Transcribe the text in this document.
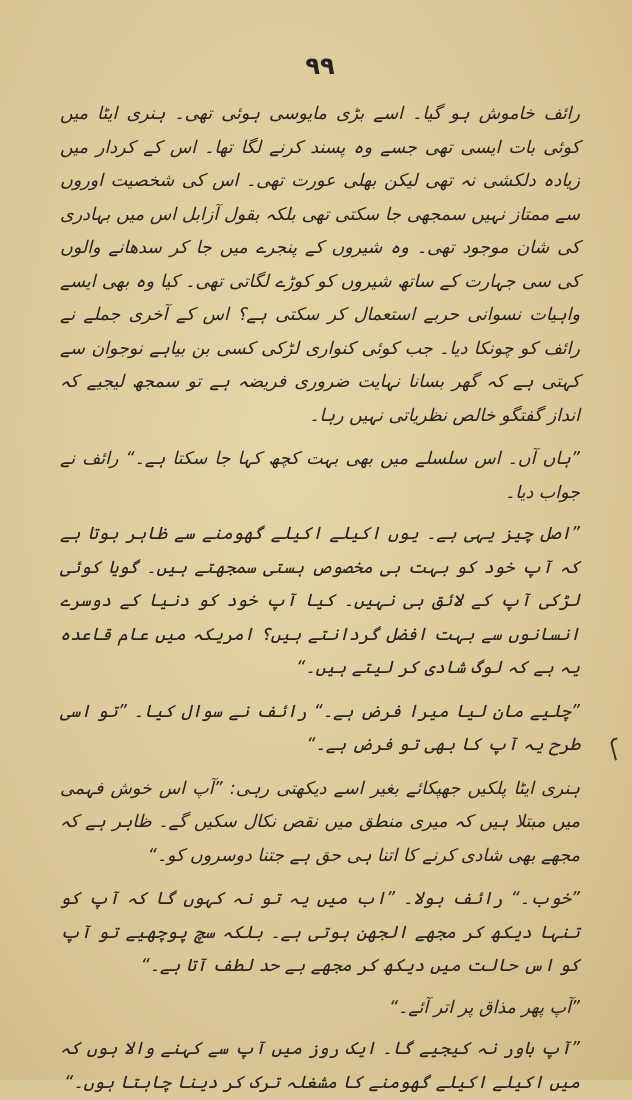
۹۹

رائف خاموش ہو گیا۔ اسے بڑی مایوسی ہوئی تھی۔ ہنری ایٹا میں کوئی بات ایسی تھی جسے وہ پسند کرنے لگا تھا۔ اس کے کردار میں زیادہ دلکشی نہ تھی لیکن بھلی عورت تھی۔ اس کی شخصیت اوروں سے ممتاز نہیں سمجھی جا سکتی تھی بلکہ بقول آزابل اس میں بہادری کی شان موجود تھی۔ وہ شیروں کے پنجرے میں جا کر سدھانے والوں کی سی جہارت کے ساتھ شیروں کو کوڑے لگاتی تھی۔ کیا وہ بھی ایسے واہیات نسوانی حربے استعمال کر سکتی ہے؟ اس کے آخری جملے نے رائف کو چونکا دیا۔ جب کوئی کنواری لڑکی کسی بن بیاہے نوجوان سے کہتی ہے کہ گھر بسانا نہایت ضروری فریضہ ہے تو سمجھ لیجیے کہ انداز گفتگو خالص نظریاتی نہیں رہا۔

”ہاں آں۔ اس سلسلے میں بھی بہت کچھ کہا جا سکتا ہے۔“ رائف نے جواب دیا۔

”اصل چیز یہی ہے۔ یوں اکیلے اکیلے گھومنے سے ظاہر ہوتا ہے کہ آپ خود کو بہت ہی مخصوص ہستی سمجھتے ہیں۔ گویا کوئی لڑکی آپ کے لائق ہی نہیں۔ کیا آپ خود کو دنیا کے دوسرے انسانوں سے بہت افضل گردانتے ہیں؟ امریکہ میں عام قاعدہ یہ ہے کہ لوگ شادی کر لیتے ہیں۔“

”چلیے مان لیا میرا فرض ہے۔“ رائف نے سوال کیا۔ ”تو اسی طرح یہ آپ کا بھی تو فرض ہے۔“

ہنری ایٹا پلکیں جھپکائے بغیر اسے دیکھتی رہی: ”آپ اس خوش فہمی میں مبتلا ہیں کہ میری منطق میں نقص نکال سکیں گے۔ ظاہر ہے کہ مجھے بھی شادی کرنے کا اتنا ہی حق ہے جتنا دوسروں کو۔“

”خوب۔“ رائف بولا۔ ”اب میں یہ تو نہ کہوں گا کہ آپ کو تنہا دیکھ کر مجھے الجھن ہوتی ہے۔ بلکہ سچ پوچھیے تو آپ کو اس حالت میں دیکھ کر مجھے بے حد لطف آتا ہے۔“

”آپ پھر مذاق پر اتر آئے۔“

”آپ باور نہ کیجیے گا۔ ایک روز میں آپ سے کہنے والا ہوں کہ میں اکیلے اکیلے گھومنے کا مشغلہ ترک کر دینا چاہتا ہوں۔“
